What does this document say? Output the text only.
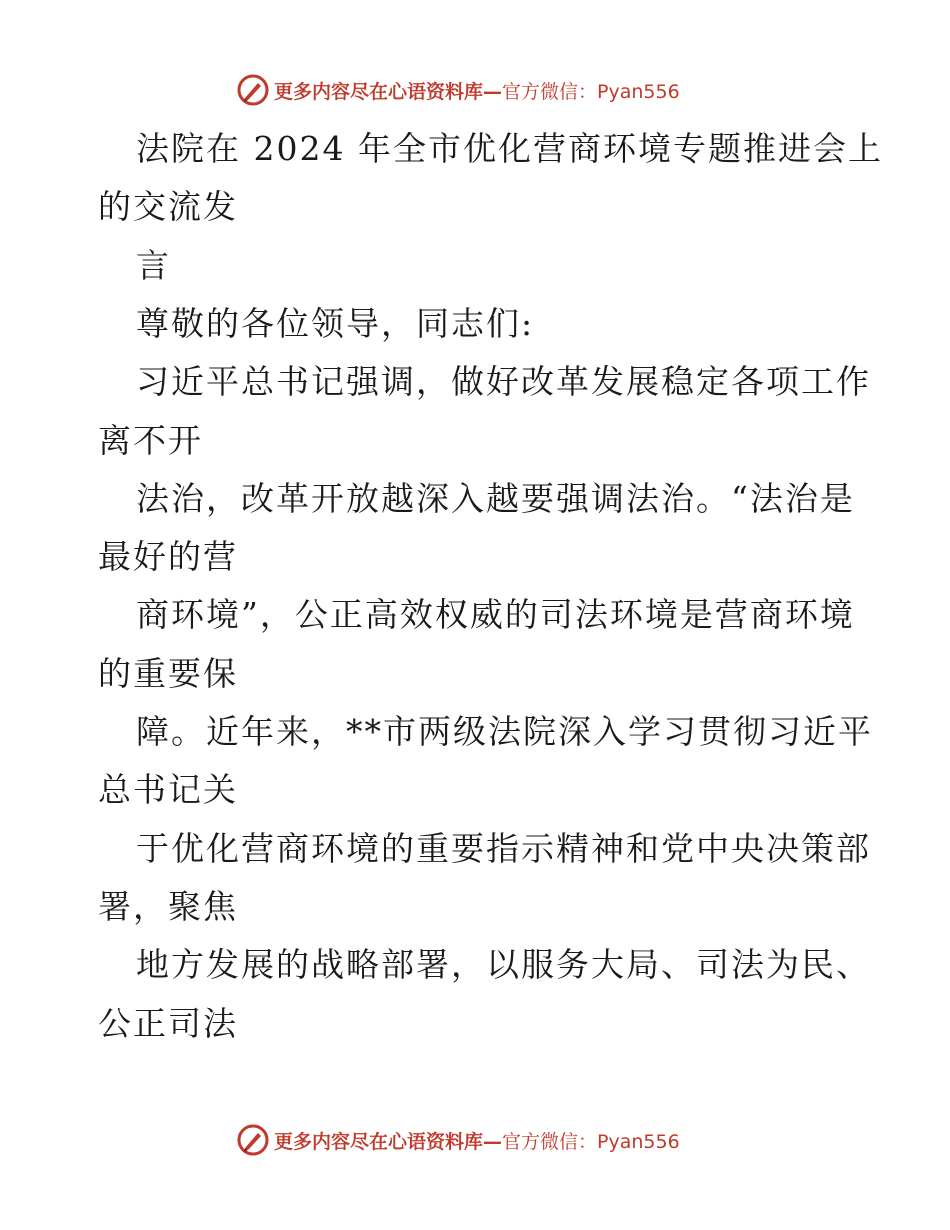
更多内容尽在心语资料库—官方微信：Pyan556
法院在 2024 年全市优化营商环境专题推进会上
的交流发
言
尊敬的各位领导，同志们:
习近平总书记强调，做好改革发展稳定各项工作
离不开
法治，改革开放越深入越要强调法治。“法治是
最好的营
商环境”，公正高效权威的司法环境是营商环境
的重要保
障。近年来，**市两级法院深入学习贯彻习近平
总书记关
于优化营商环境的重要指示精神和党中央决策部
署，聚焦
地方发展的战略部署，以服务大局、司法为民、
公正司法
更多内容尽在心语资料库—官方微信：Pyan556
